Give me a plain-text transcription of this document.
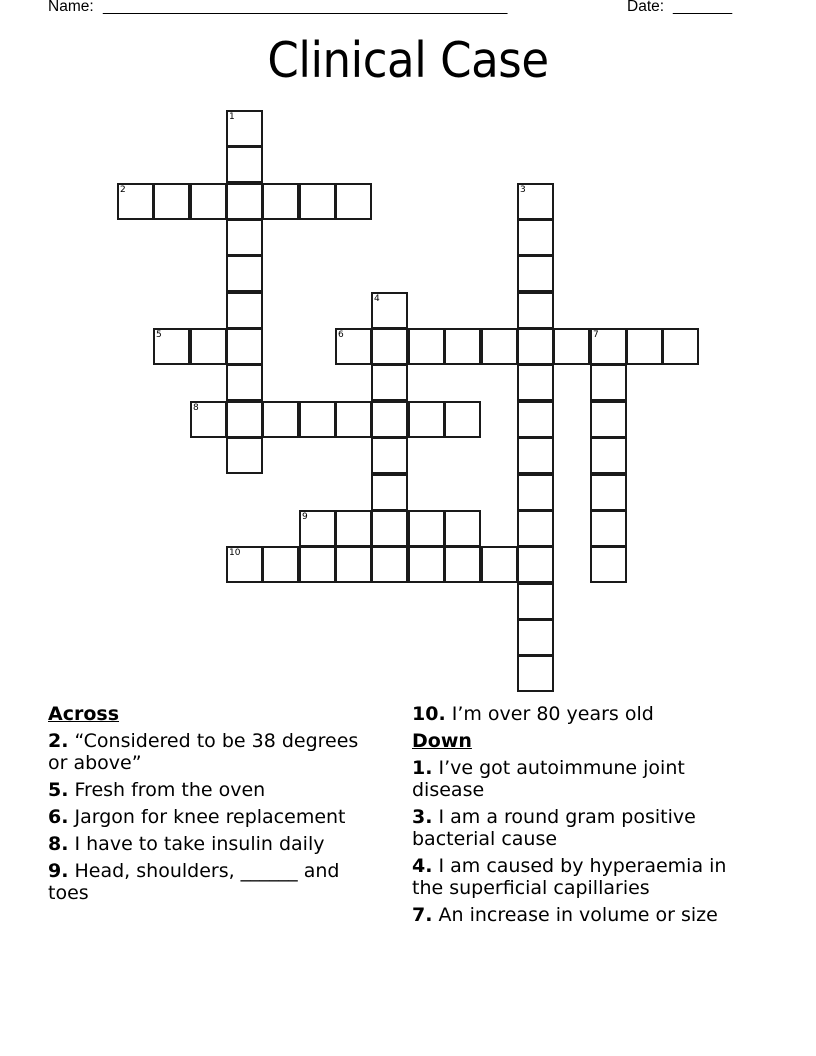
Name: ________________________________________________	Date: _______
Clinical Case
1
2	3
4
5	6	7
8
9
10
Across
2. “Considered to be 38 degrees or above”
5. Fresh from the oven
6. Jargon for knee replacement
8. I have to take insulin daily
9. Head, shoulders, ______ and toes
10. I’m over 80 years old
Down
1. I’ve got autoimmune joint disease
3. I am a round gram positive bacterial cause
4. I am caused by hyperaemia in the superficial capillaries
7. An increase in volume or size
